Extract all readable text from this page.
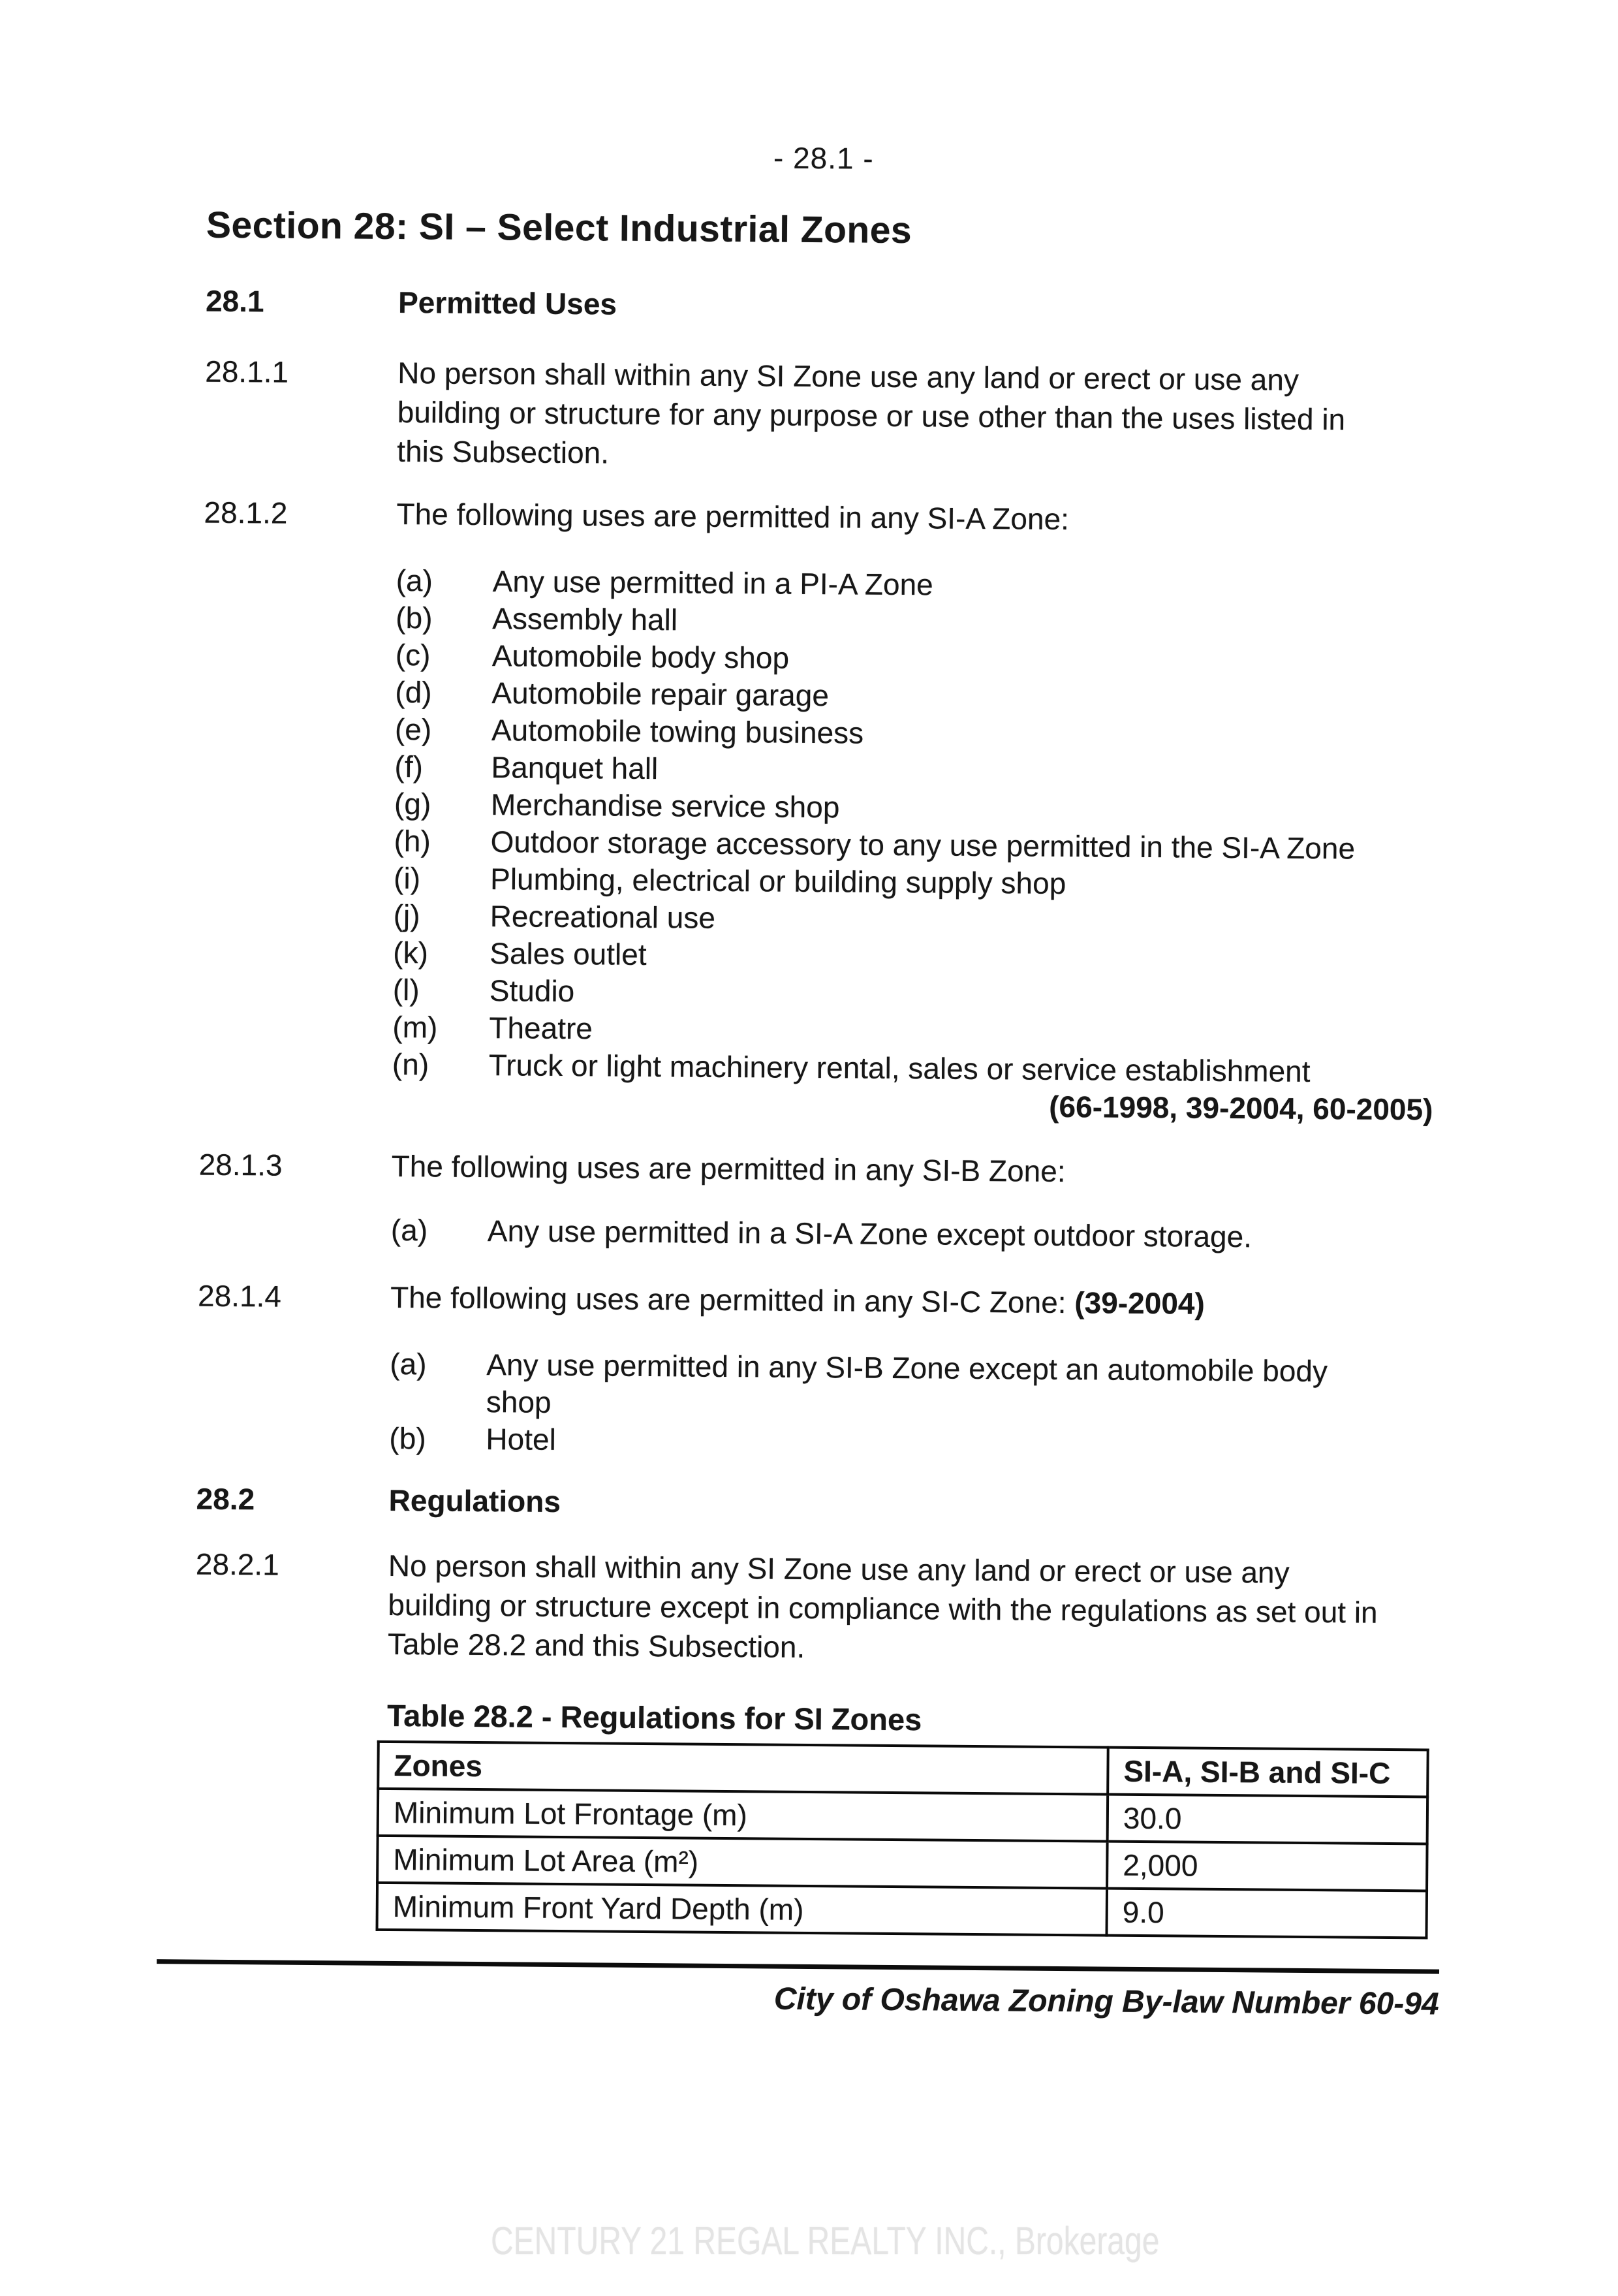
- 28.1 -
Section 28: SI – Select Industrial Zones
28.1	Permitted Uses
28.1.1	No person shall within any SI Zone use any land or erect or use any building or structure for any purpose or use other than the uses listed in this Subsection.
28.1.2	The following uses are permitted in any SI-A Zone:
(a)	Any use permitted in a PI-A Zone
(b)	Assembly hall
(c)	Automobile body shop
(d)	Automobile repair garage
(e)	Automobile towing business
(f)	Banquet hall
(g)	Merchandise service shop
(h)	Outdoor storage accessory to any use permitted in the SI-A Zone
(i)	Plumbing, electrical or building supply shop
(j)	Recreational use
(k)	Sales outlet
(l)	Studio
(m)	Theatre
(n)	Truck or light machinery rental, sales or service establishment
(66-1998, 39-2004, 60-2005)
28.1.3	The following uses are permitted in any SI-B Zone:
(a)	Any use permitted in a SI-A Zone except outdoor storage.
28.1.4	The following uses are permitted in any SI-C Zone: (39-2004)
(a)	Any use permitted in any SI-B Zone except an automobile body shop
(b)	Hotel
28.2	Regulations
28.2.1	No person shall within any SI Zone use any land or erect or use any building or structure except in compliance with the regulations as set out in Table 28.2 and this Subsection.
Table 28.2 - Regulations for SI Zones
Zones	SI-A, SI-B and SI-C
Minimum Lot Frontage (m)	30.0
Minimum Lot Area (m²)	2,000
Minimum Front Yard Depth (m)	9.0
City of Oshawa Zoning By-law Number 60-94
CENTURY 21 REGAL REALTY INC., Brokerage
